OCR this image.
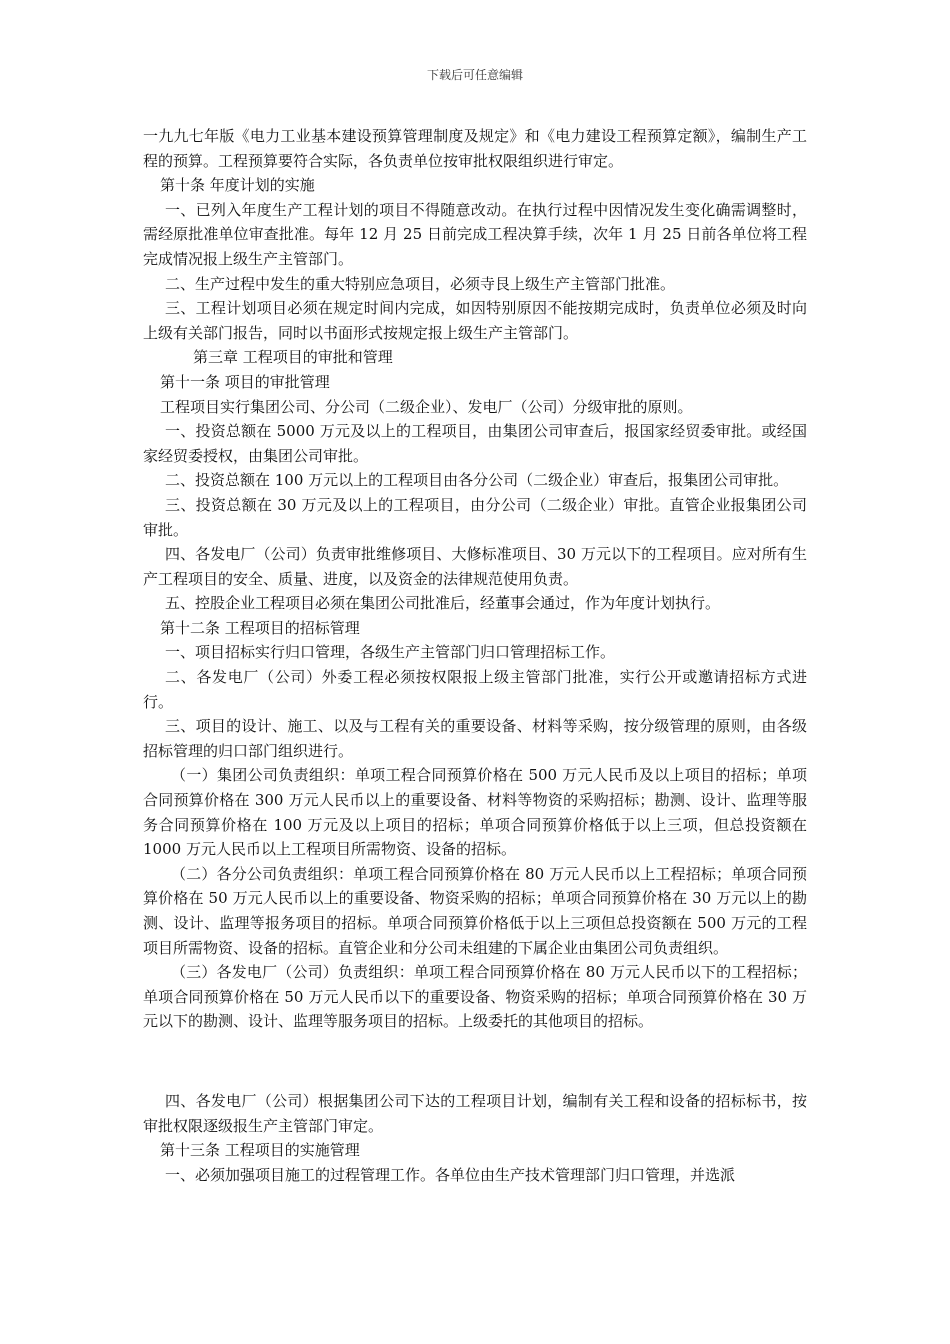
下载后可任意编辑

一九九七年版《电力工业基本建设预算管理制度及规定》和《电力建设工程预算定额》，编制生产工程的预算。工程预算要符合实际，各负责单位按审批权限组织进行审定。

第十条 年度计划的实施

一、已列入年度生产工程计划的项目不得随意改动。在执行过程中因情况发生变化确需调整时，需经原批准单位审查批准。每年 12 月 25 日前完成工程决算手续，次年 1 月 25 日前各单位将工程完成情况报上级生产主管部门。

二、生产过程中发生的重大特别应急项目，必须寺艮上级生产主管部门批准。

三、工程计划项目必须在规定时间内完成，如因特别原因不能按期完成时，负责单位必须及时向上级有关部门报告，同时以书面形式按规定报上级生产主管部门。

第三章 工程项目的审批和管理

第十一条 项目的审批管理

工程项目实行集团公司、分公司（二级企业）、发电厂（公司）分级审批的原则。

一、投资总额在 5000 万元及以上的工程项目，由集团公司审查后，报国家经贸委审批。或经国家经贸委授权，由集团公司审批。

二、投资总额在 100 万元以上的工程项目由各分公司（二级企业）审查后，报集团公司审批。

三、投资总额在 30 万元及以上的工程项目，由分公司（二级企业）审批。直管企业报集团公司审批。

四、各发电厂（公司）负责审批维修项目、大修标准项目、30 万元以下的工程项目。应对所有生产工程项目的安全、质量、进度，以及资金的法律规范使用负责。

五、控股企业工程项目必须在集团公司批准后，经董事会通过，作为年度计划执行。

第十二条 工程项目的招标管理

一、项目招标实行归口管理，各级生产主管部门归口管理招标工作。

二、各发电厂（公司）外委工程必须按权限报上级主管部门批准，实行公开或邀请招标方式进行。

三、项目的设计、施工、以及与工程有关的重要设备、材料等采购，按分级管理的原则，由各级招标管理的归口部门组织进行。

（一）集团公司负责组织：单项工程合同预算价格在 500 万元人民币及以上项目的招标；单项合同预算价格在 300 万元人民币以上的重要设备、材料等物资的采购招标；勘测、设计、监理等服务合同预算价格在 100 万元及以上项目的招标；单项合同预算价格低于以上三项，但总投资额在 1000 万元人民币以上工程项目所需物资、设备的招标。

（二）各分公司负责组织：单项工程合同预算价格在 80 万元人民币以上工程招标；单项合同预算价格在 50 万元人民币以上的重要设备、物资采购的招标；单项合同预算价格在 30 万元以上的勘测、设计、监理等报务项目的招标。单项合同预算价格低于以上三项但总投资额在 500 万元的工程项目所需物资、设备的招标。直管企业和分公司未组建的下属企业由集团公司负责组织。

（三）各发电厂（公司）负责组织：单项工程合同预算价格在 80 万元人民币以下的工程招标；单项合同预算价格在 50 万元人民币以下的重要设备、物资采购的招标；单项合同预算价格在 30 万元以下的勘测、设计、监理等服务项目的招标。上级委托的其他项目的招标。

四、各发电厂（公司）根据集团公司下达的工程项目计划，编制有关工程和设备的招标标书，按审批权限逐级报生产主管部门审定。

第十三条 工程项目的实施管理

一、必须加强项目施工的过程管理工作。各单位由生产技术管理部门归口管理，并选派
